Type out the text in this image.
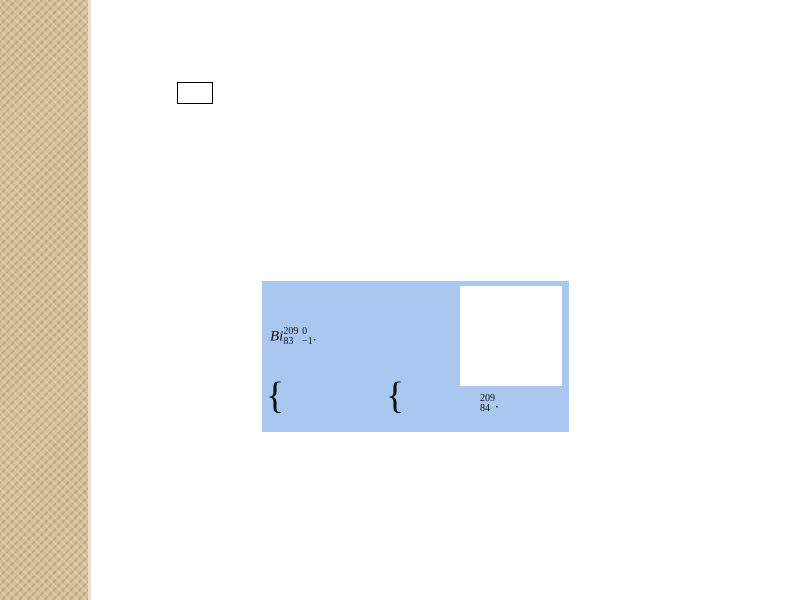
Bi 209
83

0
−1 .
{	{	209
84 .
